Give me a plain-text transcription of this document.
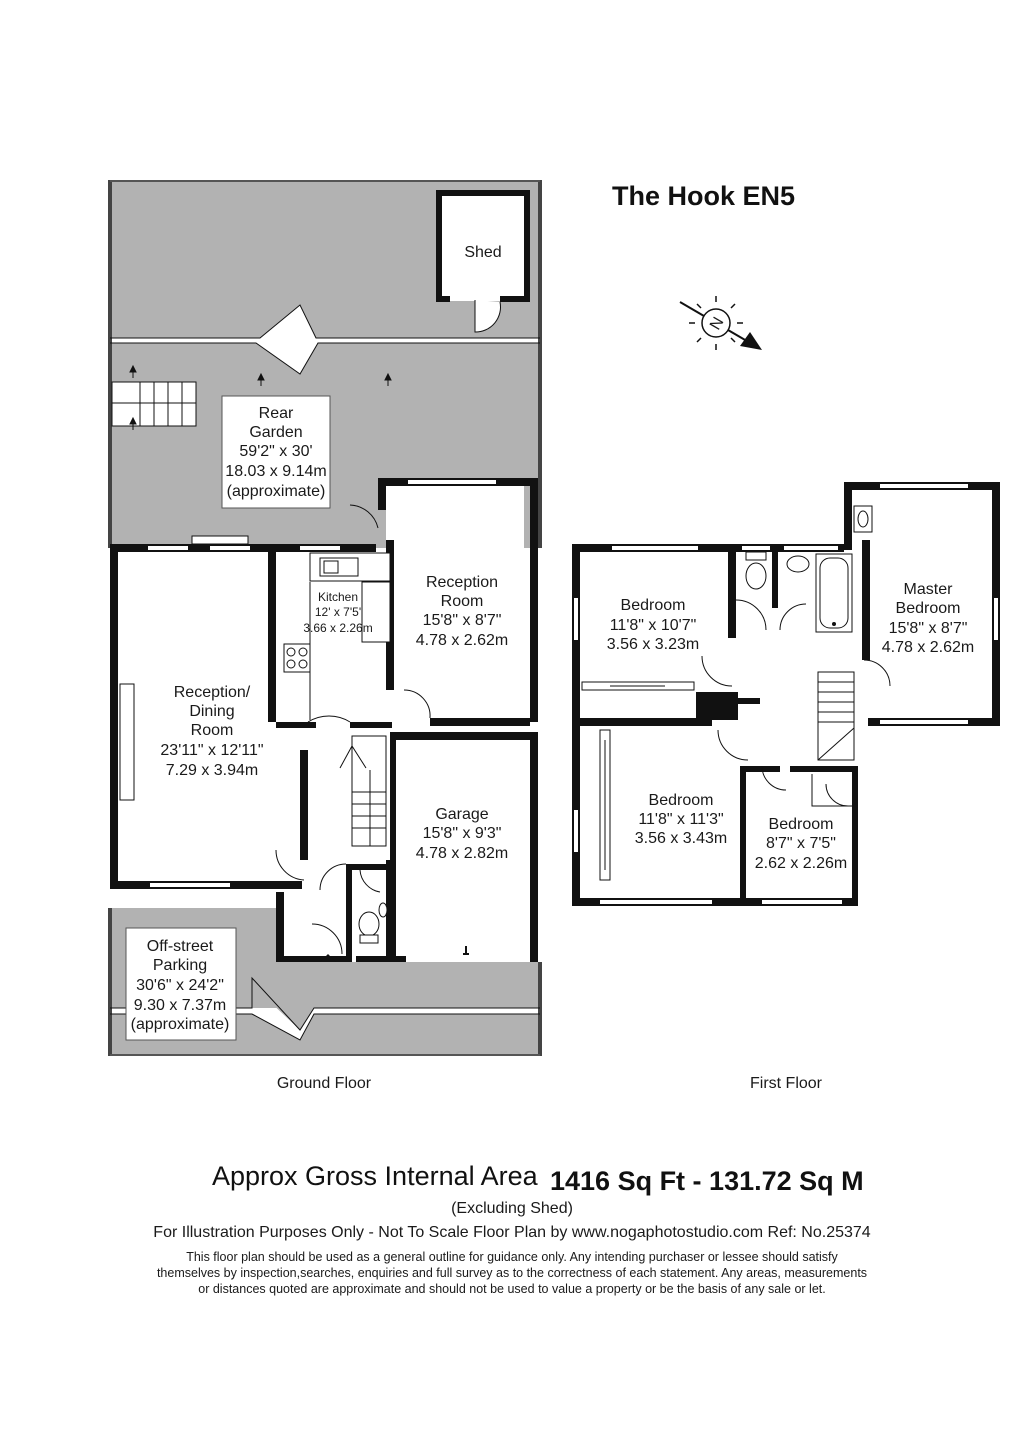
Shed
Rear
Garden
59'2" x 30'
18.03 x 9.14m
(approximate)
Reception
Room
15'8" x 8'7"
4.78 x 2.62m
Kitchen
12' x 7'5'
3.66 x 2.26m
Reception/
Dining
Room
23'11" x 12'11"
7.29 x 3.94m
Garage
15'8" x 9'3"
4.78 x 2.82m
Off-street
Parking
30'6" x 24'2"
9.30 x 7.37m
(approximate)
Ground Floor
Bedroom
11'8" x 10'7"
3.56 x 3.23m
Master
Bedroom
15'8" x 8'7"
4.78 x 2.62m
Bedroom
11'8" x 11'3"
3.56 x 3.43m
Bedroom
8'7" x 7'5"
2.62 x 2.26m
First Floor
The Hook EN5
N
Approx Gross Internal Area 1416 Sq Ft - 131.72 Sq M
(Excluding Shed)
For Illustration Purposes Only - Not To Scale Floor Plan by www.nogaphotostudio.com Ref: No.25374
This floor plan should be used as a general outline for guidance only. Any intending purchaser or lessee should satisfy
themselves by inspection,searches, enquiries and full survey as to the correctness of each statement. Any areas, measurements
or distances quoted are approximate and should not be used to value a property or be the basis of any sale or let.
